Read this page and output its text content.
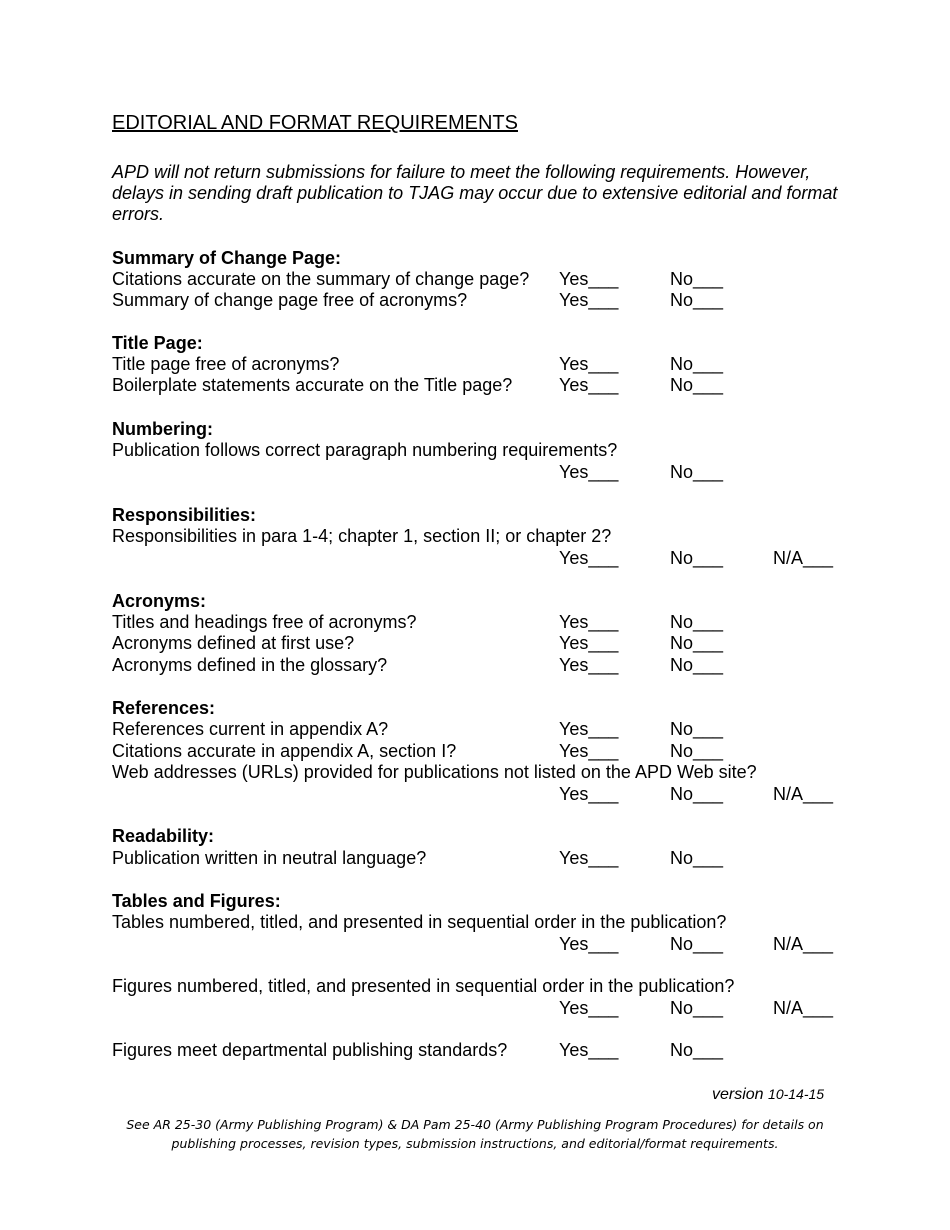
EDITORIAL AND FORMAT REQUIREMENTS
APD will not return submissions for failure to meet the following requirements. However, delays in sending draft publication to TJAG may occur due to extensive editorial and format errors.
Summary of Change Page:
Citations accurate on the summary of change page? Yes___	No___
Summary of change page free of acronyms?	Yes___	No___
Title Page:
Title page free of acronyms?	Yes___	No___
Boilerplate statements accurate on the Title page?	Yes___	No___
Numbering:
Publication follows correct paragraph numbering requirements?
Yes___	No___
Responsibilities:
Responsibilities in para 1-4; chapter 1, section II; or chapter 2?
Yes___	No___	N/A___
Acronyms:
Titles and headings free of acronyms?	Yes___	No___
Acronyms defined at first use?	Yes___	No___
Acronyms defined in the glossary?	Yes___	No___
References:
References current in appendix A?	Yes___	No___
Citations accurate in appendix A, section I?	Yes___	No___
Web addresses (URLs) provided for publications not listed on the APD Web site?
Yes___	No___	N/A___
Readability:
Publication written in neutral language?	Yes___	No___
Tables and Figures:
Tables numbered, titled, and presented in sequential order in the publication?
Yes___	No___	N/A___
Figures numbered, titled, and presented in sequential order in the publication?
Yes___	No___	N/A___
Figures meet departmental publishing standards?	Yes___	No___
version 10-14-15
See AR 25-30 (Army Publishing Program) & DA Pam 25-40 (Army Publishing Program Procedures) for details on
publishing processes, revision types, submission instructions, and editorial/format requirements.
